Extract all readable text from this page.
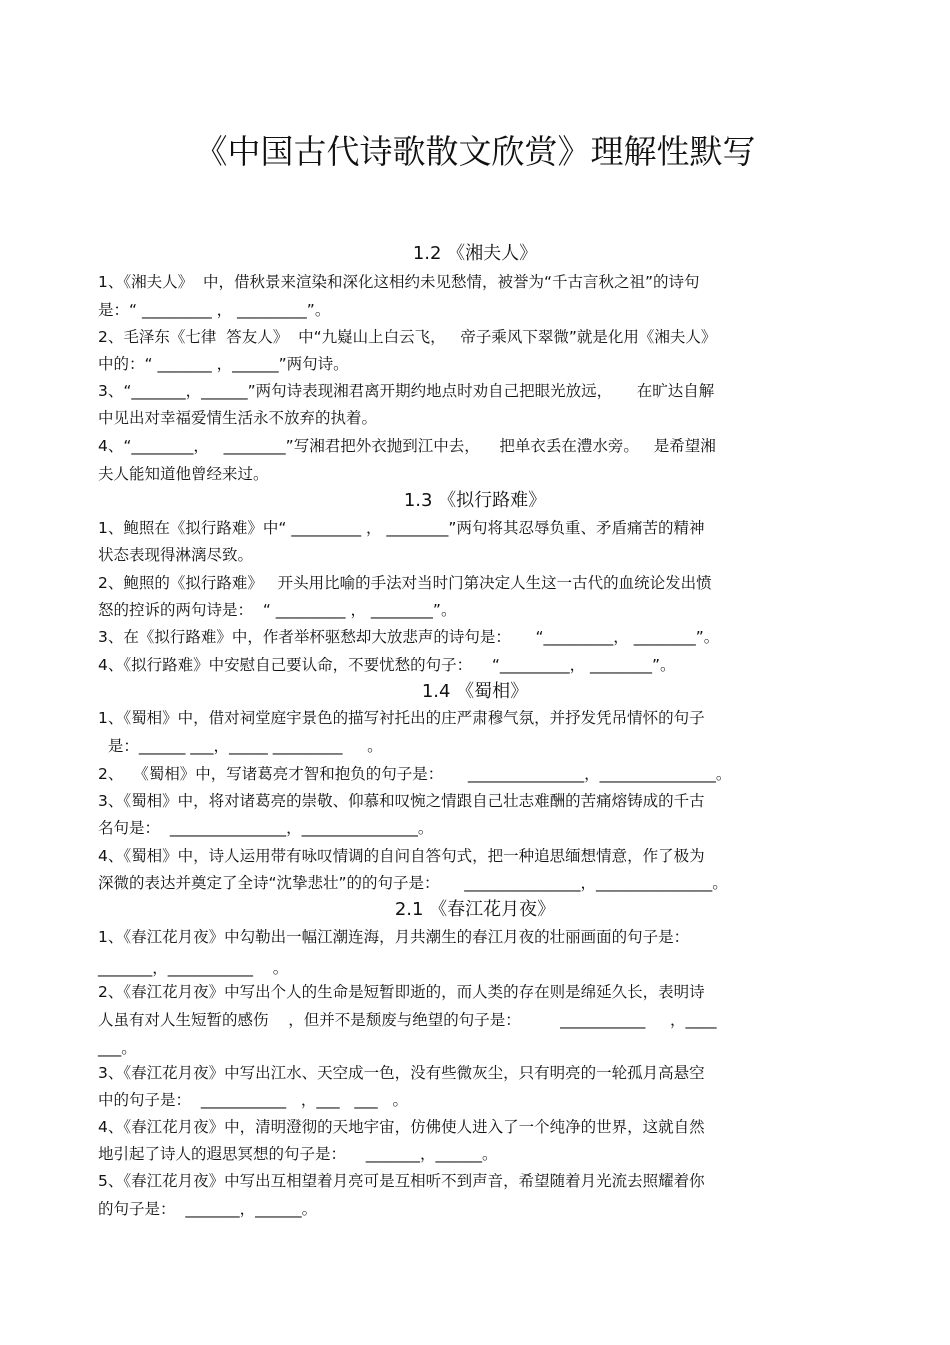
《中国古代诗歌散文欣赏》理解性默写
1.2 《湘夫人》
1、《湘夫人》  中，借秋景来渲染和深化这相约未见愁情，被誉为“千古言秋之祖”的诗句
是：“ _________ ， _________”。
2、毛泽东《七律  答友人》  中“九嶷山上白云飞，   帝子乘风下翠微”就是化用《湘夫人》
中的：“ _______ ，______”两句诗。
3、“_______，______”两句诗表现湘君离开期约地点时劝自己把眼光放远，     在旷达自解
中见出对幸福爱情生活永不放弃的执着。
4、“________，   ________”写湘君把外衣抛到江中去，    把单衣丢在澧水旁。   是希望湘
夫人能知道他曾经来过。
1.3 《拟行路难》
1、鲍照在《拟行路难》中“ _________ ， ________”两句将其忍辱负重、矛盾痛苦的精神
状态表现得淋漓尽致。
2、鲍照的《拟行路难》   开头用比喻的手法对当时门第决定人生这一古代的血统论发出愤
怒的控诉的两句诗是：  “ _________ ， ________”。
3、在《拟行路难》中，作者举杯驱愁却大放悲声的诗句是：     “_________， ________”。
4、《拟行路难》中安慰自己要认命，不要忧愁的句子：    “_________， ________”。
1.4 《蜀相》
1、《蜀相》中，借对祠堂庭宇景色的描写衬托出的庄严肃穆气氛，并抒发凭吊情怀的句子
是：______ ___，_____ _________     。
2、  《蜀相》中，写诸葛亮才智和抱负的句子是：     _______________，_______________。
3、《蜀相》中，将对诸葛亮的崇敬、仰慕和叹惋之情跟自己壮志难酬的苦痛熔铸成的千古
名句是：  _______________，_______________。
4、《蜀相》中，诗人运用带有咏叹情调的自问自答句式，把一种追思缅想情意，作了极为
深微的表达并奠定了全诗“沈挚悲壮”的的句子是：     _______________，_______________。
2.1 《春江花月夜》
1、《春江花月夜》中勾勒出一幅江潮连海，月共潮生的春江月夜的壮丽画面的句子是：
_______，___________    。
2、《春江花月夜》中写出个人的生命是短暂即逝的，而人类的存在则是绵延久长，表明诗
人虽有对人生短暂的感伤    ，但并不是颓废与绝望的句子是：        ___________     ，____
___。
3、《春江花月夜》中写出江水、天空成一色，没有些微灰尘，只有明亮的一轮孤月高悬空
中的句子是：  ___________   ，___   ___   。
4、《春江花月夜》中，清明澄彻的天地宇宙，仿佛使人进入了一个纯净的世界，这就自然
地引起了诗人的遐思冥想的句子是：    _______，______。
5、《春江花月夜》中写出互相望着月亮可是互相听不到声音，希望随着月光流去照耀着你
的句子是：  _______，______。
